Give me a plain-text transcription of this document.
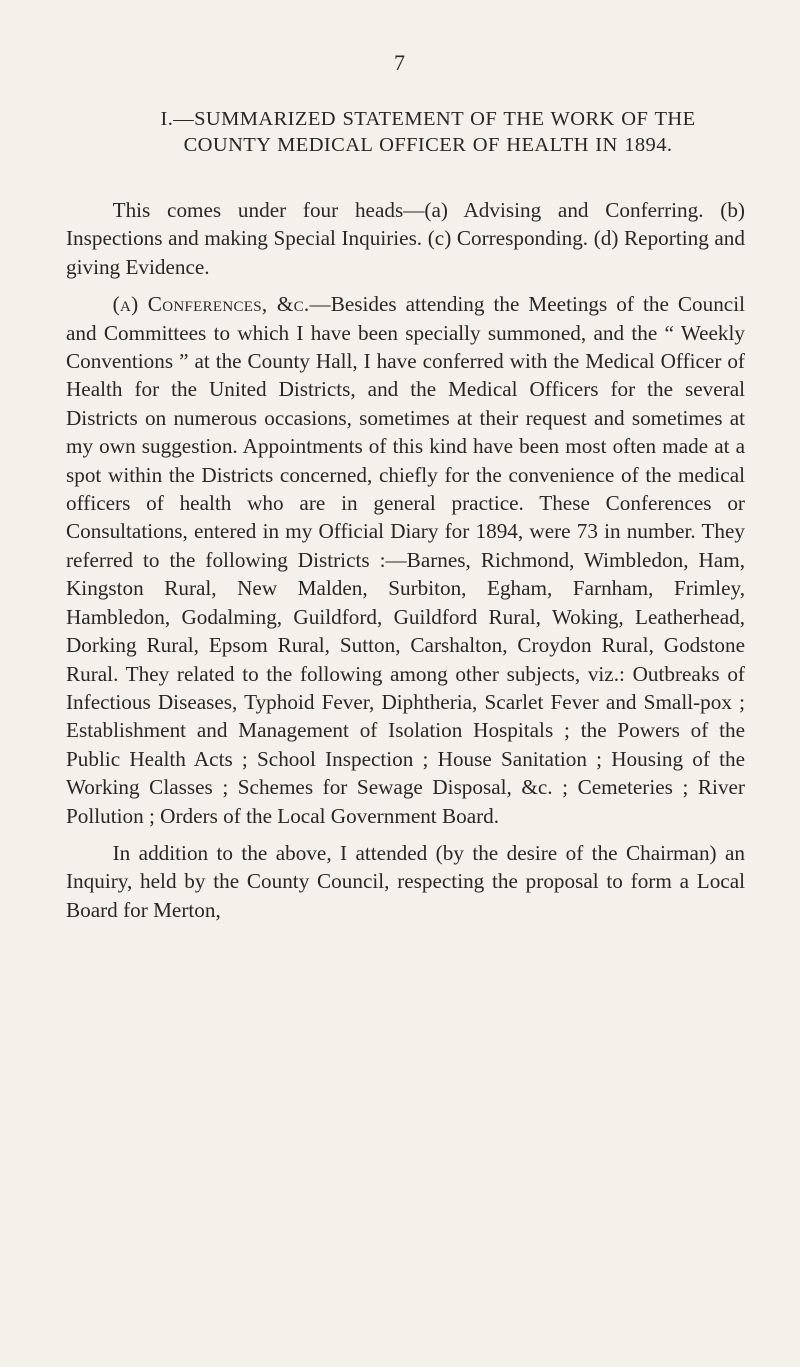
7
I.—SUMMARIZED STATEMENT OF THE WORK OF THE
COUNTY MEDICAL OFFICER OF HEALTH IN 1894.

This comes under four heads—(a) Advising and Conferring. (b) Inspections and making Special Inquiries. (c) Corresponding. (d) Reporting and giving Evidence.

(a) Conferences, &c.—Besides attending the Meetings of the Council and Committees to which I have been specially summoned, and the “ Weekly Conventions ” at the County Hall, I have conferred with the Medical Officer of Health for the United Districts, and the Medical Officers for the several Districts on numerous occasions, sometimes at their request and sometimes at my own suggestion. Appointments of this kind have been most often made at a spot within the Districts concerned, chiefly for the convenience of the medical officers of health who are in general practice. These Conferences or Consultations, entered in my Official Diary for 1894, were 73 in number. They referred to the following Districts :—Barnes, Richmond, Wimbledon, Ham, Kingston Rural, New Malden, Surbiton, Egham, Farnham, Frimley, Hambledon, Godalming, Guildford, Guildford Rural, Woking, Leatherhead, Dorking Rural, Epsom Rural, Sutton, Carshalton, Croydon Rural, Godstone Rural. They related to the following among other subjects, viz.: Outbreaks of Infectious Diseases, Typhoid Fever, Diphtheria, Scarlet Fever and Small-pox ; Establishment and Management of Isolation Hospitals ; the Powers of the Public Health Acts ; School Inspection ; House Sanitation ; Housing of the Working Classes ; Schemes for Sewage Disposal, &c. ; Cemeteries ; River Pollution ; Orders of the Local Government Board.

In addition to the above, I attended (by the desire of the Chairman) an Inquiry, held by the County Council, respecting the proposal to form a Local Board for Merton,
